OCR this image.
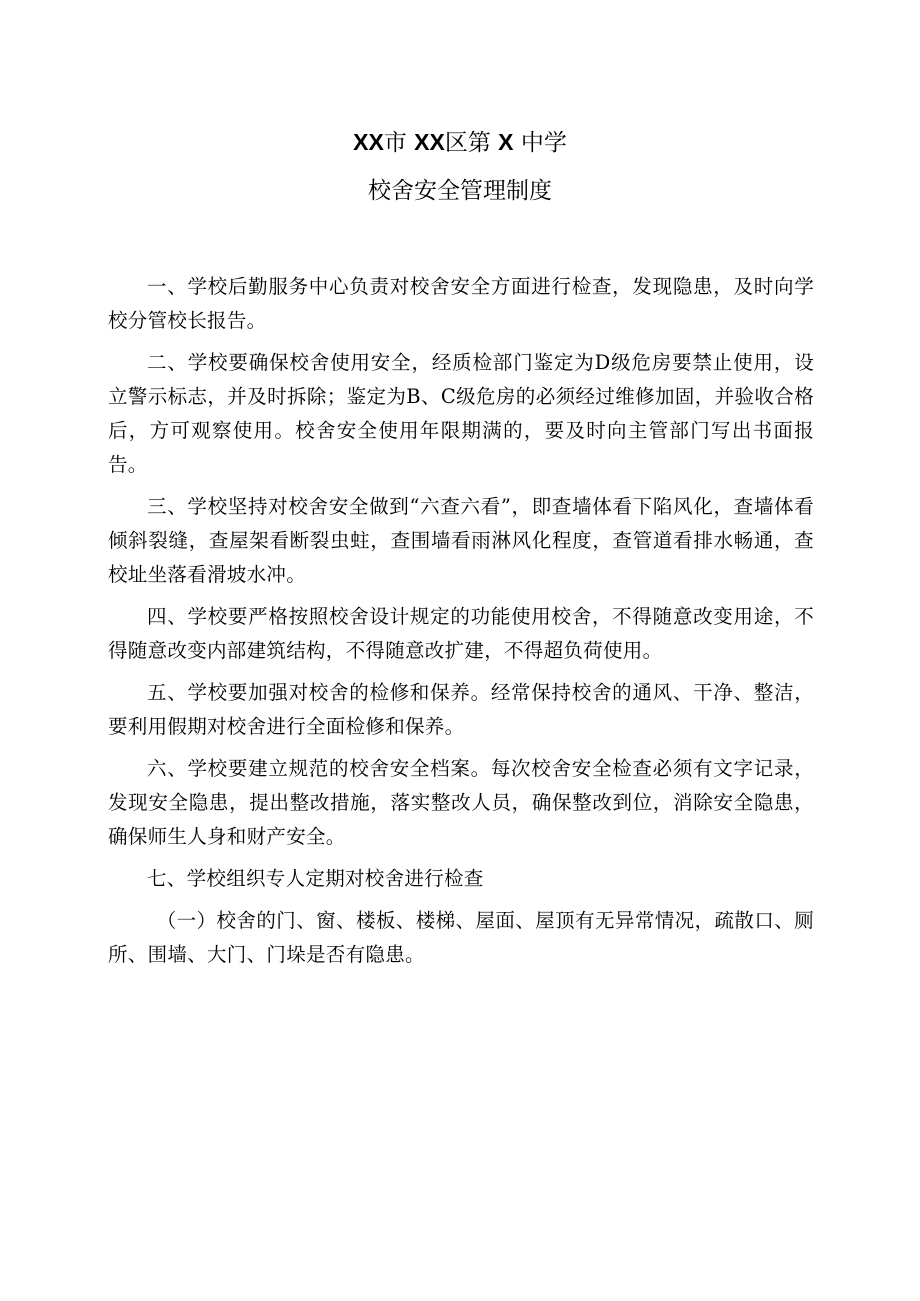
XX市 XX区第 X 中学
校舍安全管理制度

一、学校后勤服务中心负责对校舍安全方面进行检查，发现隐患，及时向学校分管校长报告。

二、学校要确保校舍使用安全，经质检部门鉴定为D级危房要禁止使用，设立警示标志，并及时拆除；鉴定为B、C级危房的必须经过维修加固，并验收合格后，方可观察使用。校舍安全使用年限期满的，要及时向主管部门写出书面报告。

三、学校坚持对校舍安全做到“六查六看”，即查墙体看下陷风化，查墙体看倾斜裂缝，查屋架看断裂虫蛀，查围墙看雨淋风化程度，查管道看排水畅通，查校址坐落看滑坡水冲。

四、学校要严格按照校舍设计规定的功能使用校舍，不得随意改变用途，不得随意改变内部建筑结构，不得随意改扩建，不得超负荷使用。

五、学校要加强对校舍的检修和保养。经常保持校舍的通风、干净、整洁，要利用假期对校舍进行全面检修和保养。

六、学校要建立规范的校舍安全档案。每次校舍安全检查必须有文字记录，发现安全隐患，提出整改措施，落实整改人员，确保整改到位，消除安全隐患，确保师生人身和财产安全。

七、学校组织专人定期对校舍进行检查

（一）校舍的门、窗、楼板、楼梯、屋面、屋顶有无异常情况，疏散口、厕所、围墙、大门、门垛是否有隐患。
